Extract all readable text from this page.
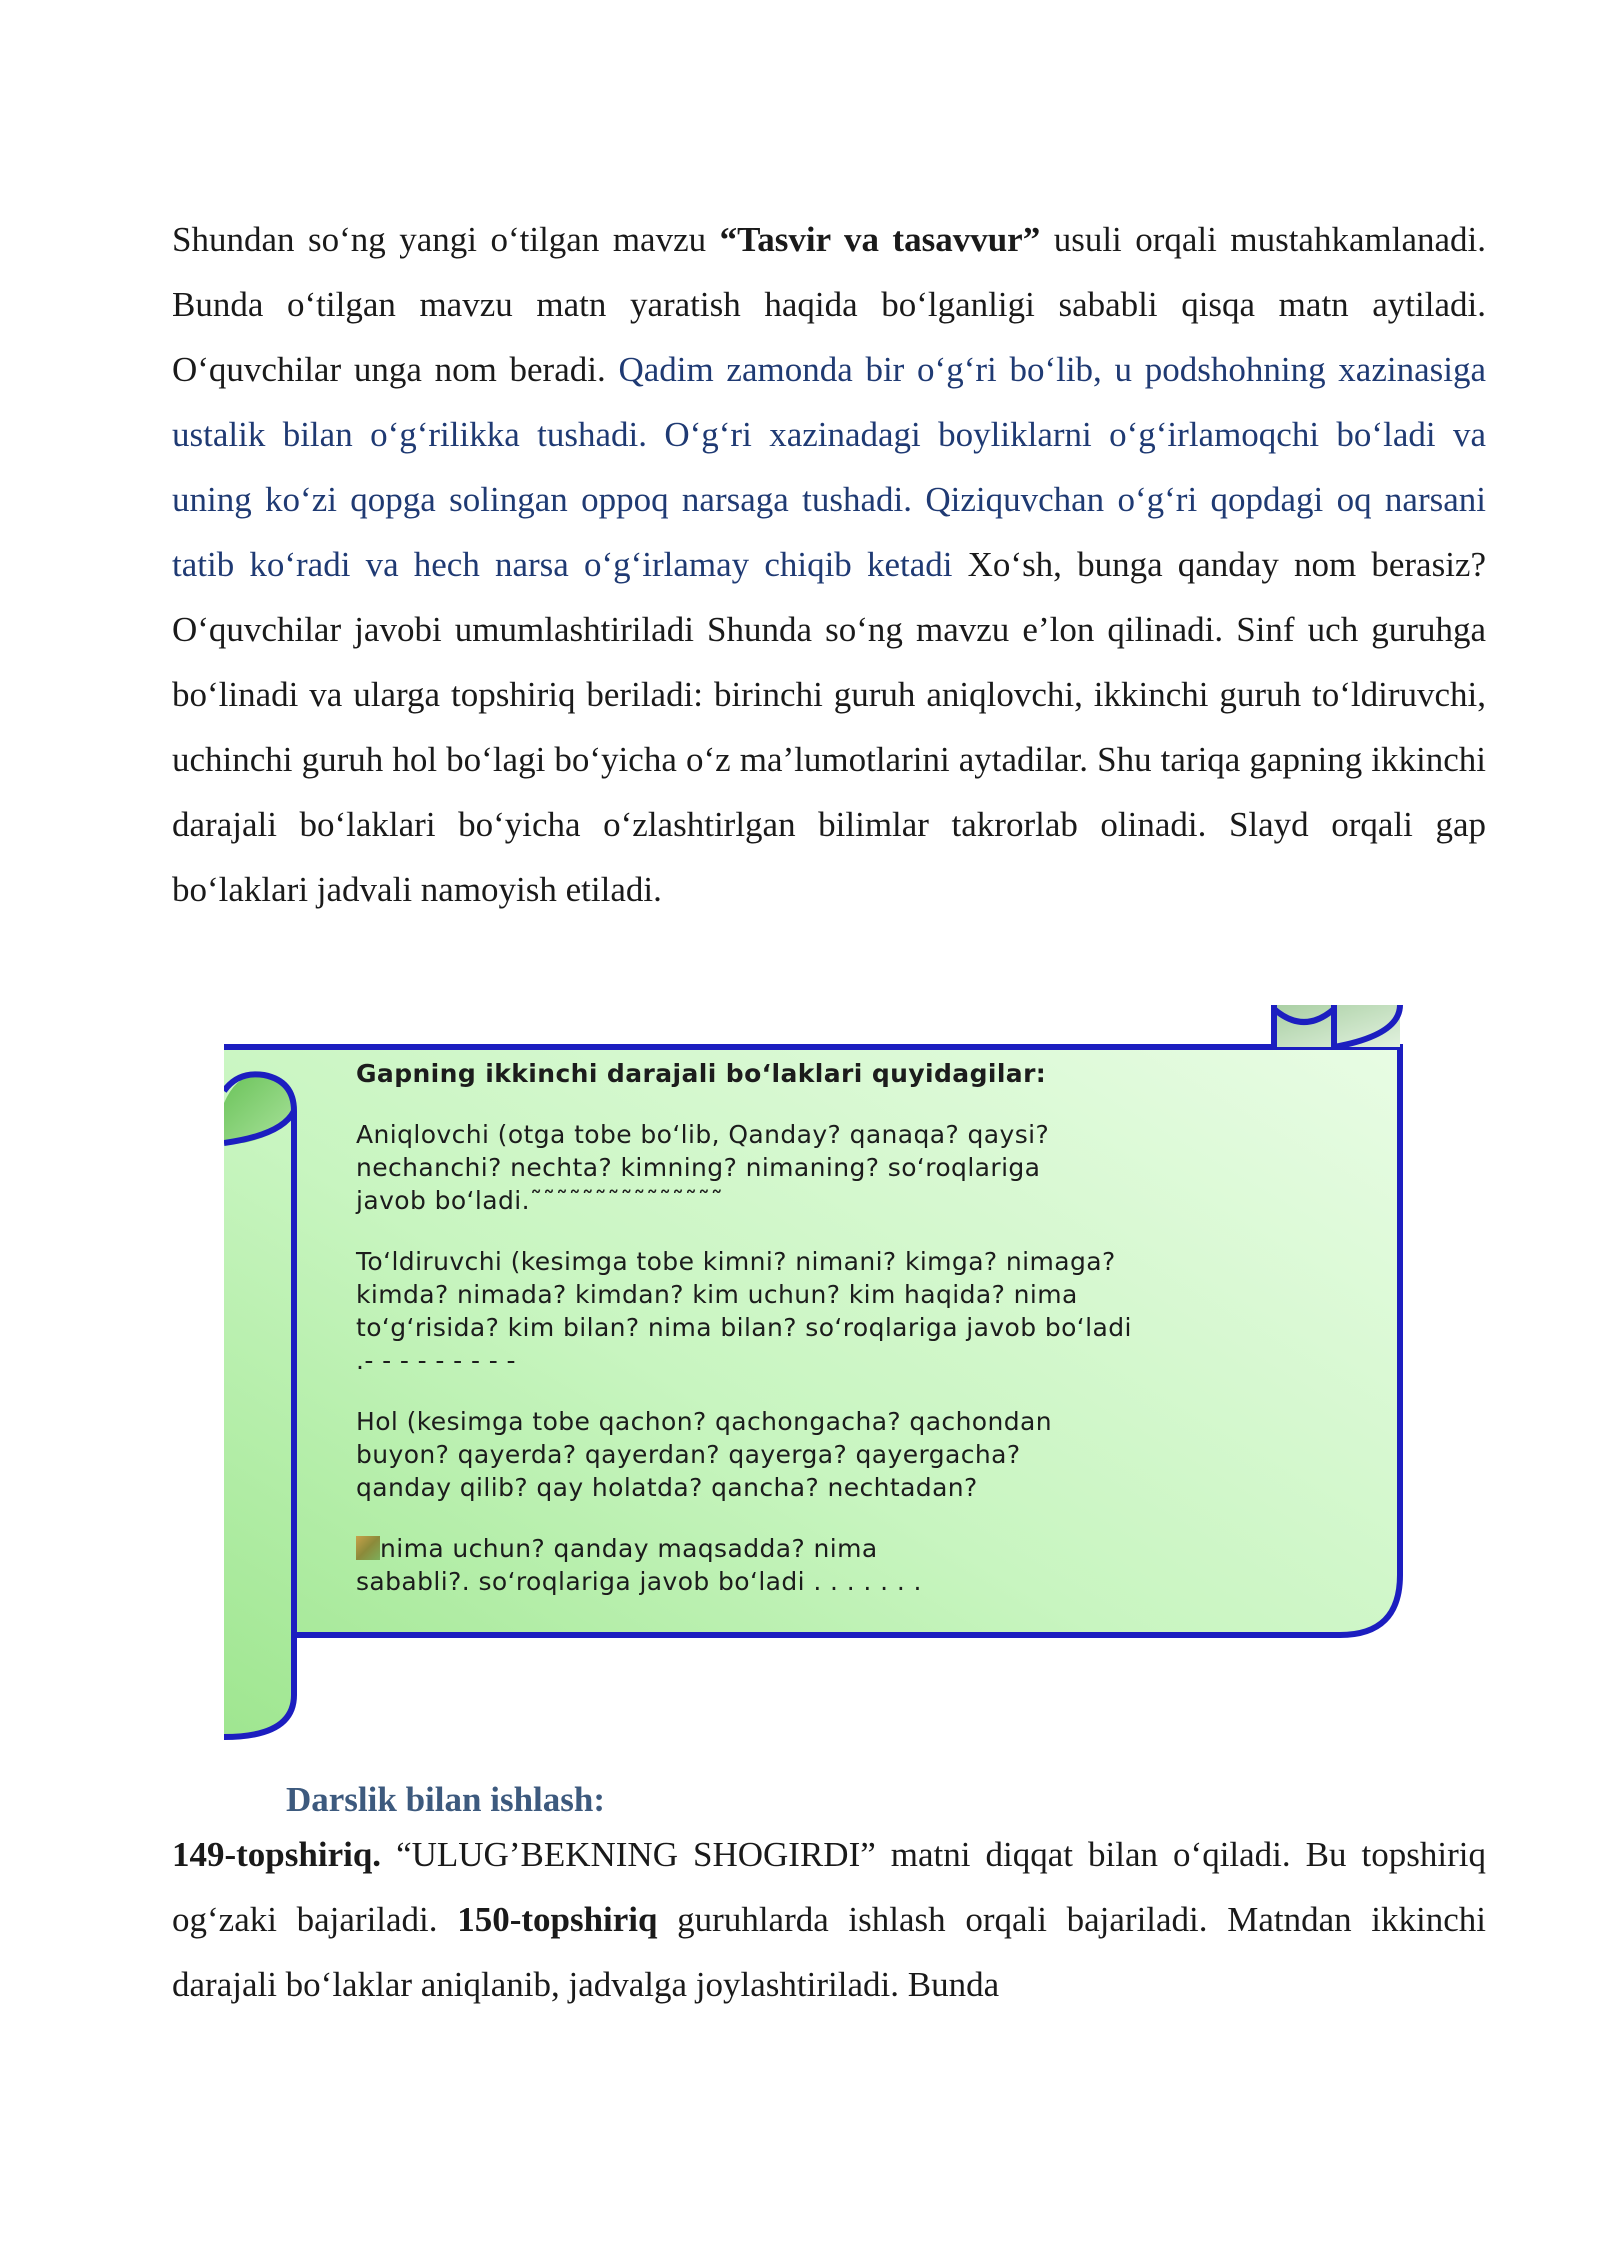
Shundan so‘ng yangi o‘tilgan mavzu “Tasvir va tasavvur” usuli orqali mustahkamlanadi. Bunda o‘tilgan mavzu matn yaratish haqida bo‘lganligi sababli qisqa matn aytiladi. O‘quvchilar unga nom beradi. Qadim zamonda bir o‘g‘ri bo‘lib, u podshohning xazinasiga ustalik bilan o‘g‘rilikka tushadi. O‘g‘ri xazinadagi boyliklarni o‘g‘irlamoqchi bo‘ladi va uning ko‘zi qopga solingan oppoq narsaga tushadi. Qiziquvchan o‘g‘ri qopdagi oq narsani tatib ko‘radi va hech narsa o‘g‘irlamay chiqib ketadi Xo‘sh, bunga qanday nom berasiz? O‘quvchilar javobi umumlashtiriladi Shunda so‘ng mavzu e’lon qilinadi. Sinf uch guruhga bo‘linadi va ularga topshiriq beriladi: birinchi guruh aniqlovchi, ikkinchi guruh to‘ldiruvchi, uchinchi guruh hol bo‘lagi bo‘yicha o‘z ma’lumotlarini aytadilar. Shu tariqa gapning ikkinchi darajali bo‘laklari bo‘yicha o‘zlashtirlgan bilimlar takrorlab olinadi. Slayd orqali gap bo‘laklari jadvali namoyish etiladi.

Gapning ikkinchi darajali bo‘laklari quyidagilar:

Aniqlovchi (otga tobe bo‘lib, Qanday? qanaqa? qaysi?
nechanchi? nechta? kimning? nimaning? so‘roqlariga
javob bo‘ladi.˜˜˜˜˜˜˜˜˜˜˜˜˜˜˜

To‘ldiruvchi (kesimga tobe kimni? nimani? kimga? nimaga?
kimda? nimada? kimdan? kim uchun? kim haqida? nima
to‘g‘risida? kim bilan? nima bilan? so‘roqlariga javob bo‘ladi
.- - - - - - - - -

Hol (kesimga tobe qachon? qachongacha? qachondan
buyon? qayerda? qayerdan? qayerga? qayergacha?
qanday qilib? qay holatda? qancha? nechtadan?

nima uchun? qanday maqsadda? nima
sababli?. so‘roqlariga javob bo‘ladi . . . . . . .

Darslik bilan ishlash:

149-topshiriq. “ULUG’BEKNING SHOGIRDI” matni diqqat bilan o‘qiladi. Bu topshiriq og‘zaki bajariladi. 150-topshiriq guruhlarda ishlash orqali bajariladi. Matndan ikkinchi darajali bo‘laklar aniqlanib, jadvalga joylashtiriladi. Bunda
